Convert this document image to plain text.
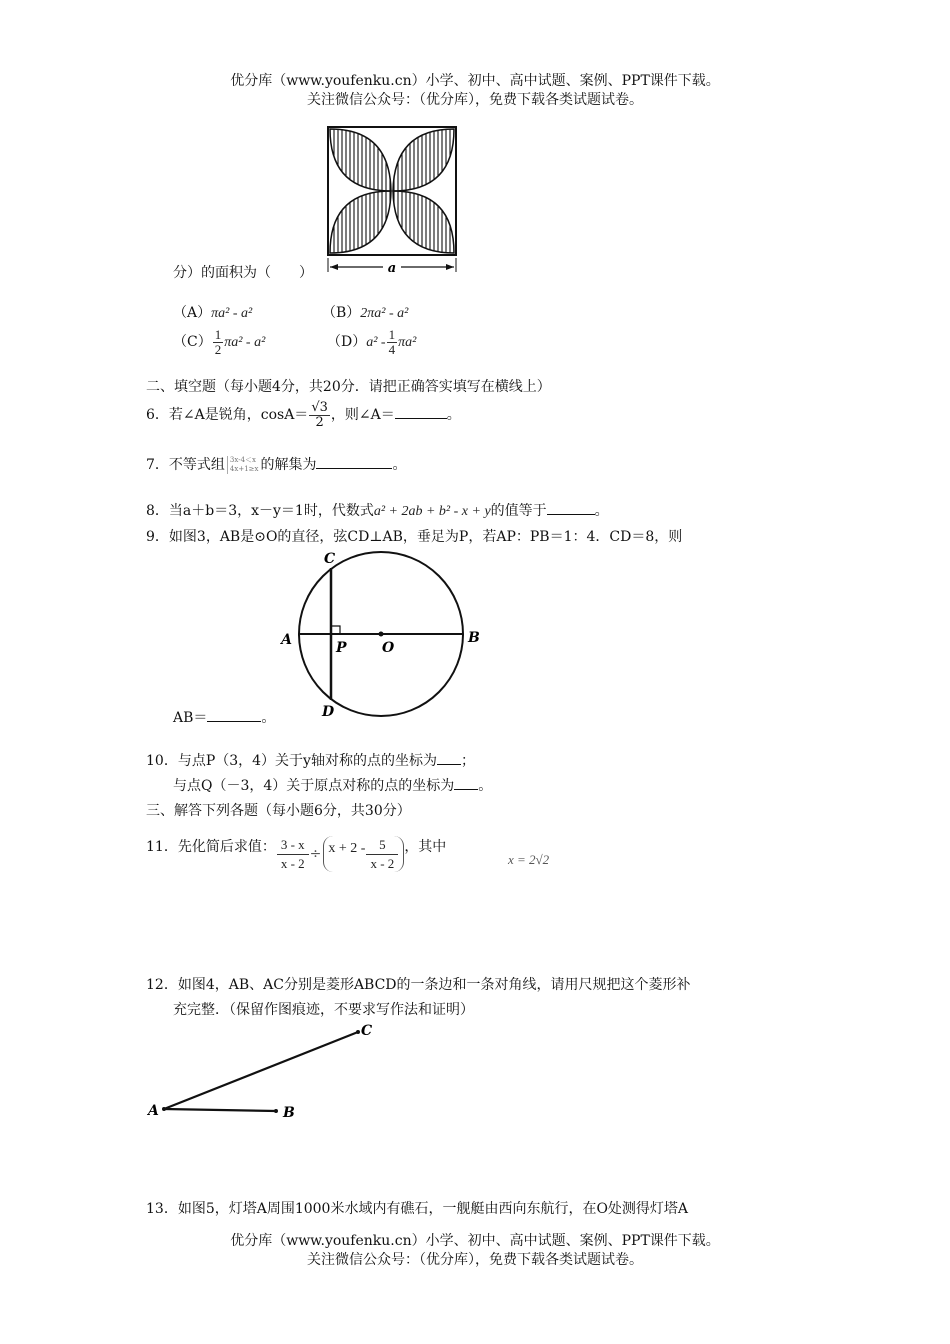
优分库（www.youfenku.cn）小学、初中、高中试题、案例、PPT课件下载。
关注微信公众号：（优分库），免费下载各类试题试卷。
a
分）的面积为（　　）
（A）πa² - a²	（B）2πa² - a²
$(C) \frac{1}{2} \pi a^2 - a^2$	$(D)a^2 - \frac{1}{4} \pi a^2$
二、填空题（每小题4分，共20分．请把正确答实填写在横线上）
6．若∠A是锐角，$\cos A= \frac{√3}{2}$ ，则∠A＝	。
7．不等式组 3x-4＜x
4x+1≥x 的解集为	。
8．当a＋b＝3，x－y＝1时，代数式a² + 2ab + b² - x + y的值等于	。
9．如图3，AB是⊙O的直径，弦CD⊥AB，垂足为P，若AP：PB＝1：4．CD＝8，则
A	B
C
D
P	O
AB＝	。
10．与点P（3，4）关于y轴对称的点的坐标为 ；
与点Q（－3，4）关于原点对称的点的坐标为 。
三、解答下列各题（每小题6分，共30分）
11．先化简后求值： $\frac{3 - x}{x - 2} \div x + 2 - \frac{5}{x - 2}$ ，其中
x = 2√2
12．如图4，AB、AC分别是菱形ABCD的一条边和一条对角线，请用尺规把这个菱形补
充完整．（保留作图痕迹，不要求写作法和证明）
A	B
C
13．如图5，灯塔A周围1000米水域内有礁石，一舰艇由西向东航行，在O处测得灯塔A
优分库（www.youfenku.cn）小学、初中、高中试题、案例、PPT课件下载。
关注微信公众号：（优分库），免费下载各类试题试卷。
